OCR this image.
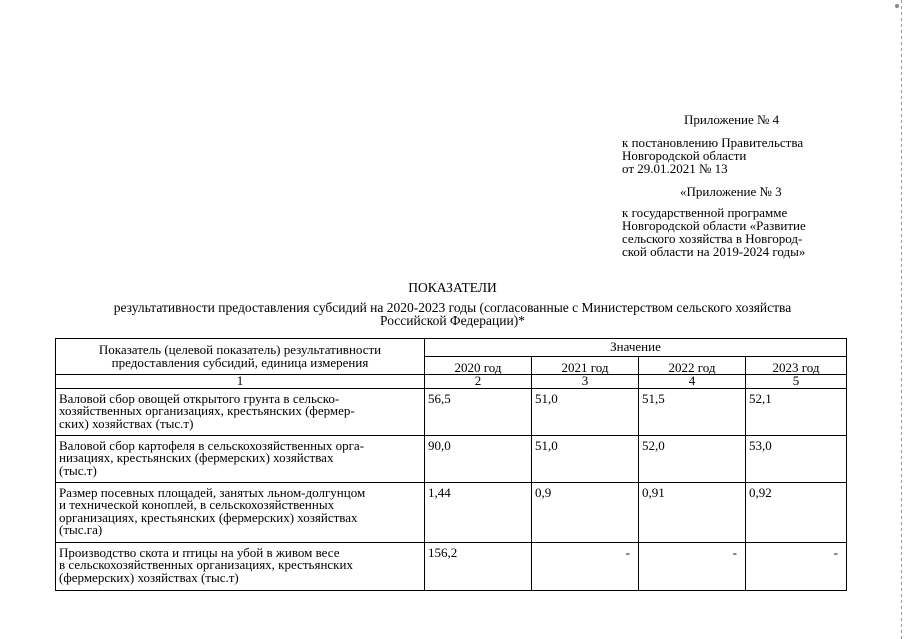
Приложение № 4
к постановлению Правительства
Новгородской области
от 29.01.2021 № 13
«Приложение № 3
к государственной программе
Новгородской области «Развитие
сельского хозяйства в Новгород-
ской области на 2019-2024 годы»
ПОКАЗАТЕЛИ
результативности предоставления субсидий на 2020-2023 годы (согласованные с Министерством сельского хозяйства
Российской Федерации)*
Показатель (целевой показатель) результативности
предоставления субсидий, единица измерения	Значение			
	2020 год	2021 год	2022 год	2023 год
1	2	3	4	5

Валовой сбор овощей открытого грунта в сельско-
хозяйственных организациях, крестьянских (фермер-
ских) хозяйствах (тыс.т)	56,5	51,0	51,5	52,1

Валовой сбор картофеля в сельскохозяйственных орга-
низациях, крестьянских (фермерских) хозяйствах
(тыс.т)	90,0	51,0	52,0	53,0

Размер посевных площадей, занятых льном-долгунцом
и технической коноплей, в сельскохозяйственных
организациях, крестьянских (фермерских) хозяйствах
(тыс.га)	1,44	0,9	0,91	0,92

Производство скота и птицы на убой в живом весе
в сельскохозяйственных организациях, крестьянских
(фермерских) хозяйствах (тыс.т)	156,2	-	-	-
